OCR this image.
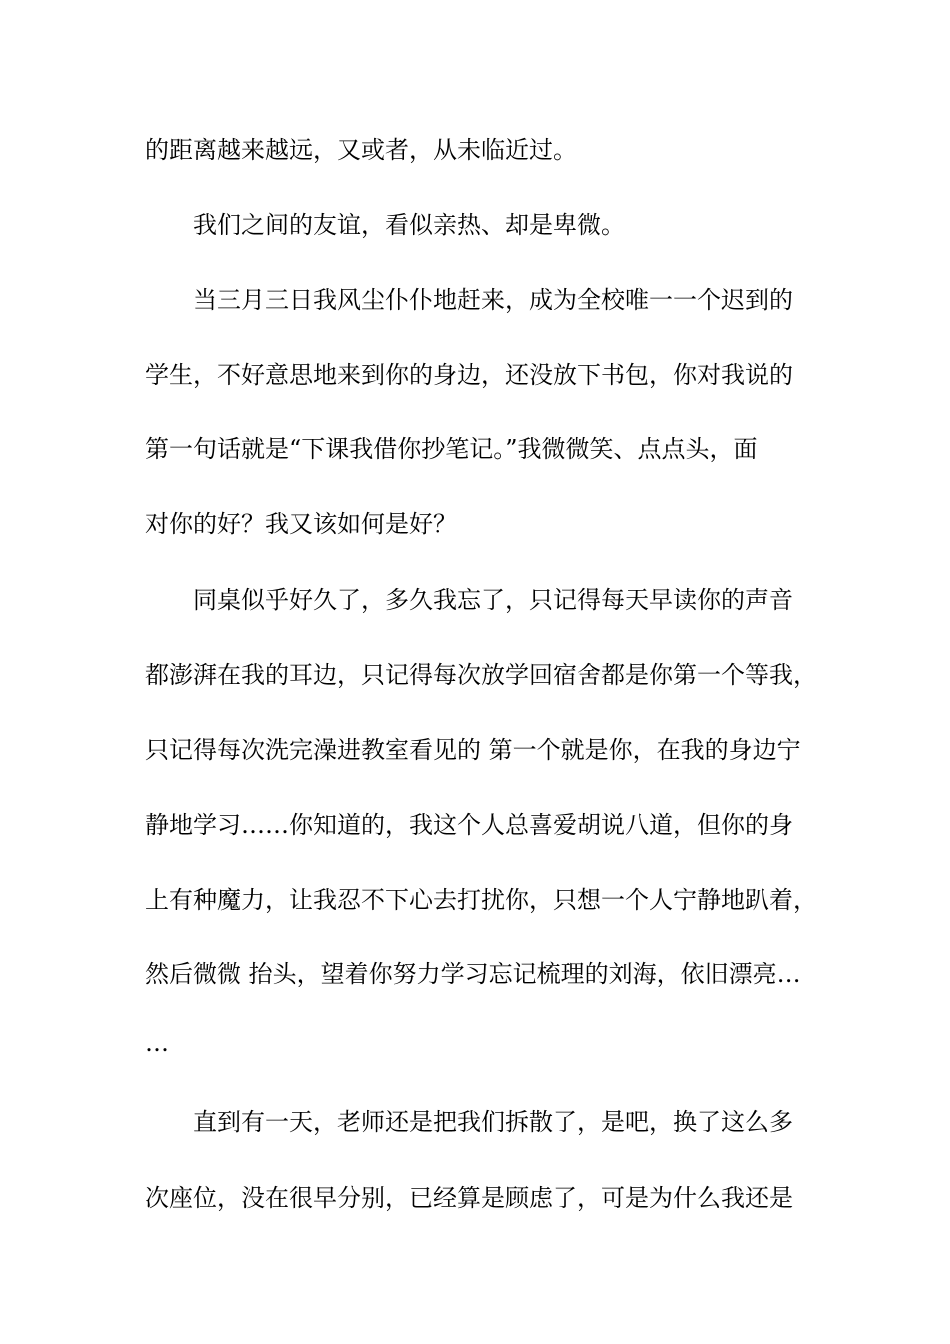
的距离越来越远，又或者，从未临近过。
我们之间的友谊，看似亲热、却是卑微。
当三月三日我风尘仆仆地赶来，成为全校唯一一个迟到的
学生，不好意思地来到你的身边，还没放下书包，你对我说的
第一句话就是“下课我借你抄笔记。”我微微笑、点点头，面
对你的好？我又该如何是好？
同桌似乎好久了，多久我忘了，只记得每天早读你的声音
都澎湃在我的耳边，只记得每次放学回宿舍都是你第一个等我，
只记得每次洗完澡进教室看见的 第一个就是你，在我的身边宁
静地学习……你知道的，我这个人总喜爱胡说八道，但你的身
上有种魔力，让我忍不下心去打扰你，只想一个人宁静地趴着，
然后微微 抬头，望着你努力学习忘记梳理的刘海，依旧漂亮…
…
直到有一天，老师还是把我们拆散了，是吧，换了这么多
次座位，没在很早分别，已经算是顾虑了，可是为什么我还是
